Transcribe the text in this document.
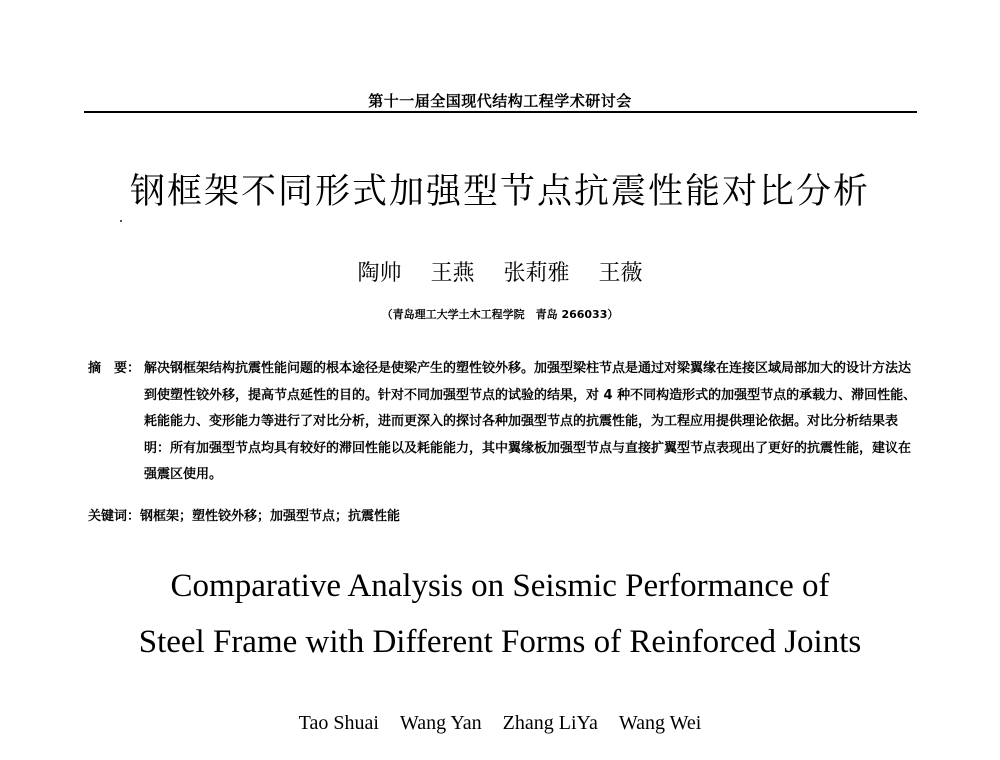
第十一届全国现代结构工程学术研讨会
钢框架不同形式加强型节点抗震性能对比分析
陶帅 王燕 张莉雅 王薇
（青岛理工大学土木工程学院　青岛 266033）
摘　要： 解决钢框架结构抗震性能问题的根本途径是使梁产生的塑性铰外移。加强型梁柱节点是通过对梁翼缘在连接区域局部加大的设计方法达到使塑性铰外移，提高节点延性的目的。针对不同加强型节点的试验的结果，对 4 种不同构造形式的加强型节点的承载力、滞回性能、耗能能力、变形能力等进行了对比分析，进而更深入的探讨各种加强型节点的抗震性能，为工程应用提供理论依据。对比分析结果表明：所有加强型节点均具有较好的滞回性能以及耗能能力，其中翼缘板加强型节点与直接扩翼型节点表现出了更好的抗震性能，建议在强震区使用。
关键词：钢框架；塑性铰外移；加强型节点；抗震性能
Comparative Analysis on Seismic Performance of
Steel Frame with Different Forms of Reinforced Joints
Tao Shuai Wang Yan Zhang LiYa Wang Wei
